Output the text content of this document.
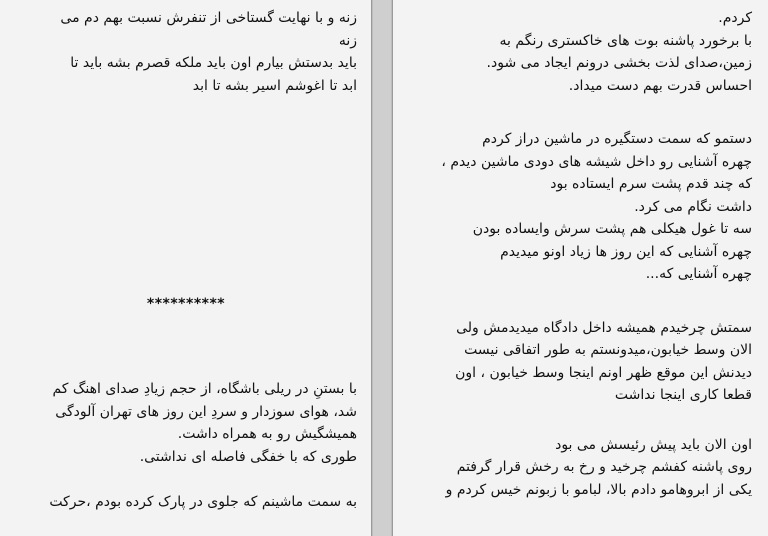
زنه و با نهایت گستاخی از تنفرش نسبت بهم دم می
زنه
باید بدستش بیارم اون باید ملکه قصرم بشه باید تا
ابد تا اغوشم اسیر بشه تا ابد
**********
با بستنِ در ریلی باشگاه، از حجم زیادِ صدای اهنگ کم
شد، هوای سوزدار و سردِ این روز های تهران آلودگی
همیشگیش رو به همراه داشت.
طوری که با خفگی فاصله ای نداشتی.
به سمت ماشینم که جلوی در پارک کرده بودم ،حرکت
کردم.
با برخورد پاشنه بوت های خاکستری رنگم به
زمین،صدای لذت بخشی درونم ایجاد می شود.
احساس قدرت بهم دست میداد.
دستمو که سمت دستگیره در ماشین دراز کردم
چهره آشنایی رو داخل شیشه های دودی ماشین دیدم ،
که چند قدم پشت سرم ایستاده بود
داشت نگام می کرد.
سه تا غول هیکلی هم پشت سرش وایساده بودن
چهره آشنایی که این روز ها زیاد اونو میدیدم
چهره آشنایی که...
سمتش چرخیدم همیشه داخل دادگاه میدیدمش ولی
الان وسط خیابون،میدونستم به طور اتفاقی نیست
دیدنش این موقع ظهر اونم اینجا وسط خیابون ، اون
قطعا کاری اینجا نداشت
اون الان باید پیش رئیسش می بود
روی پاشنه کفشم چرخید و رخ به رخش قرار گرفتم
یکی از ابروهامو دادم بالا، لبامو با زبونم خیس کردم و
